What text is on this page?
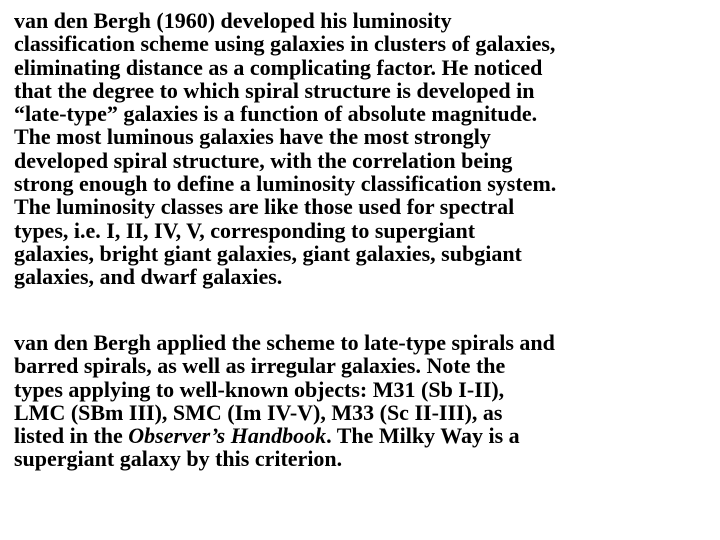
van den Bergh (1960) developed his luminosity
classification scheme using galaxies in clusters of galaxies,
eliminating distance as a complicating factor. He noticed
that the degree to which spiral structure is developed in
“late-type” galaxies is a function of absolute magnitude.
The most luminous galaxies have the most strongly
developed spiral structure, with the correlation being
strong enough to define a luminosity classification system.
The luminosity classes are like those used for spectral
types, i.e. I, II, IV, V, corresponding to supergiant
galaxies, bright giant galaxies, giant galaxies, subgiant
galaxies, and dwarf galaxies.

van den Bergh applied the scheme to late-type spirals and
barred spirals, as well as irregular galaxies. Note the
types applying to well-known objects: M31 (Sb I-II),
LMC (SBm III), SMC (Im IV-V), M33 (Sc II-III), as
listed in the Observer’s Handbook. The Milky Way is a
supergiant galaxy by this criterion.
